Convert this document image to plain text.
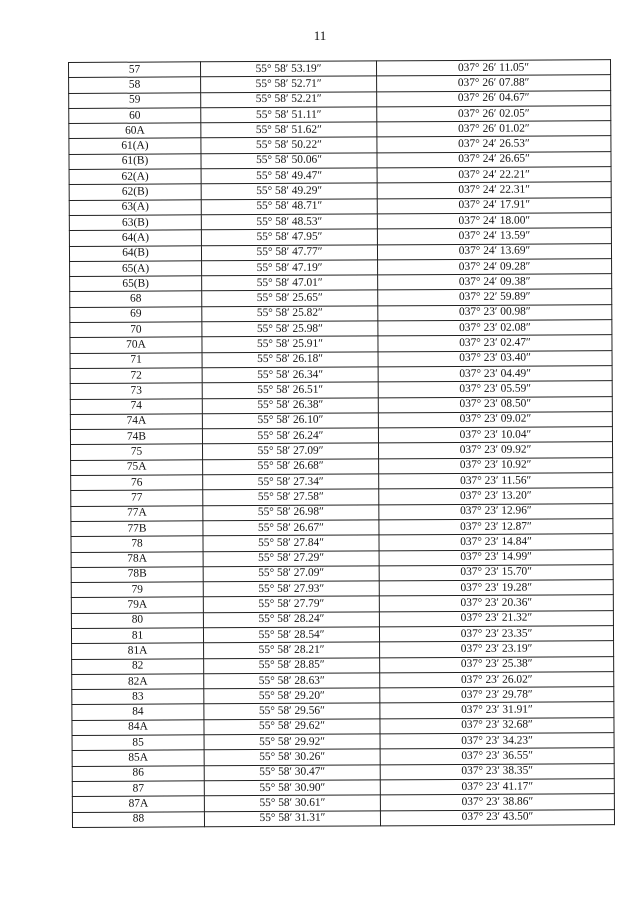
11
57	55° 58′ 53.19″	037° 26′ 11.05″
58	55° 58′ 52.71″	037° 26′ 07.88″
59	55° 58′ 52.21″	037° 26′ 04.67″
60	55° 58′ 51.11″	037° 26′ 02.05″
60A	55° 58′ 51.62″	037° 26′ 01.02″
61(A)	55° 58′ 50.22″	037° 24′ 26.53″
61(B)	55° 58′ 50.06″	037° 24′ 26.65″
62(A)	55° 58′ 49.47″	037° 24′ 22.21″
62(B)	55° 58′ 49.29″	037° 24′ 22.31″
63(A)	55° 58′ 48.71″	037° 24′ 17.91″
63(B)	55° 58′ 48.53″	037° 24′ 18.00″
64(A)	55° 58′ 47.95″	037° 24′ 13.59″
64(B)	55° 58′ 47.77″	037° 24′ 13.69″
65(A)	55° 58′ 47.19″	037° 24′ 09.28″
65(B)	55° 58′ 47.01″	037° 24′ 09.38″
68	55° 58′ 25.65″	037° 22′ 59.89″
69	55° 58′ 25.82″	037° 23′ 00.98″
70	55° 58′ 25.98″	037° 23′ 02.08″
70A	55° 58′ 25.91″	037° 23′ 02.47″
71	55° 58′ 26.18″	037° 23′ 03.40″
72	55° 58′ 26.34″	037° 23′ 04.49″
73	55° 58′ 26.51″	037° 23′ 05.59″
74	55° 58′ 26.38″	037° 23′ 08.50″
74A	55° 58′ 26.10″	037° 23′ 09.02″
74B	55° 58′ 26.24″	037° 23′ 10.04″
75	55° 58′ 27.09″	037° 23′ 09.92″
75A	55° 58′ 26.68″	037° 23′ 10.92″
76	55° 58′ 27.34″	037° 23′ 11.56″
77	55° 58′ 27.58″	037° 23′ 13.20″
77A	55° 58′ 26.98″	037° 23′ 12.96″
77B	55° 58′ 26.67″	037° 23′ 12.87″
78	55° 58′ 27.84″	037° 23′ 14.84″
78A	55° 58′ 27.29″	037° 23′ 14.99″
78B	55° 58′ 27.09″	037° 23′ 15.70″
79	55° 58′ 27.93″	037° 23′ 19.28″
79A	55° 58′ 27.79″	037° 23′ 20.36″
80	55° 58′ 28.24″	037° 23′ 21.32″
81	55° 58′ 28.54″	037° 23′ 23.35″
81A	55° 58′ 28.21″	037° 23′ 23.19″
82	55° 58′ 28.85″	037° 23′ 25.38″
82A	55° 58′ 28.63″	037° 23′ 26.02″
83	55° 58′ 29.20″	037° 23′ 29.78″
84	55° 58′ 29.56″	037° 23′ 31.91″
84A	55° 58′ 29.62″	037° 23′ 32.68″
85	55° 58′ 29.92″	037° 23′ 34.23″
85A	55° 58′ 30.26″	037° 23′ 36.55″
86	55° 58′ 30.47″	037° 23′ 38.35″
87	55° 58′ 30.90″	037° 23′ 41.17″
87A	55° 58′ 30.61″	037° 23′ 38.86″
88	55° 58′ 31.31″	037° 23′ 43.50″
